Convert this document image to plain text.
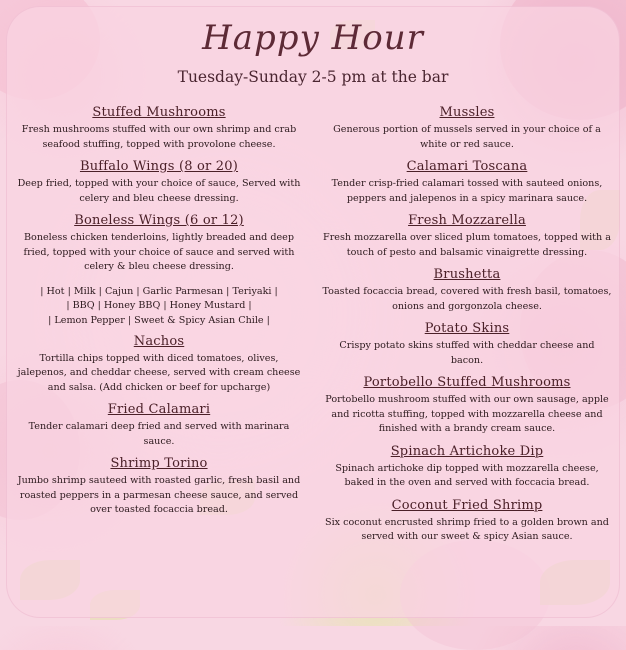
Happy Hour
Tuesday-Sunday 2-5 pm at the bar
Stuffed Mushrooms
Fresh mushrooms stuffed with our own shrimp and crab seafood stuffing, topped with provolone cheese.
Buffalo Wings (8 or 20)
Deep fried, topped with your choice of sauce, Served with celery and bleu cheese dressing.
Boneless Wings (6 or 12)
Boneless chicken tenderloins, lightly breaded and deep fried, topped with your choice of sauce and served with celery & bleu cheese dressing.
| Hot | Milk | Cajun | Garlic Parmesan | Teriyaki |
| BBQ | Honey BBQ | Honey Mustard |
| Lemon Pepper | Sweet & Spicy Asian Chile |
Nachos
Tortilla chips topped with diced tomatoes, olives, jalepenos, and cheddar cheese, served with cream cheese and salsa. (Add chicken or beef for upcharge)
Fried Calamari
Tender calamari deep fried and served with marinara sauce.
Shrimp Torino
Jumbo shrimp sauteed with roasted garlic, fresh basil and roasted peppers in a parmesan cheese sauce, and served over toasted focaccia bread.
Mussles
Generous portion of mussels served in your choice of a white or red sauce.
Calamari Toscana
Tender crisp-fried calamari tossed with sauteed onions, peppers and jalepenos in a spicy marinara sauce.
Fresh Mozzarella
Fresh mozzarella over sliced plum tomatoes, topped with a touch of pesto and balsamic vinaigrette dressing.
Brushetta
Toasted focaccia bread, covered with fresh basil, tomatoes, onions and gorgonzola cheese.
Potato Skins
Crispy potato skins stuffed with cheddar cheese and bacon.
Portobello Stuffed Mushrooms
Portobello mushroom stuffed with our own sausage, apple and ricotta stuffing, topped with mozzarella cheese and finished with a brandy cream sauce.
Spinach Artichoke Dip
Spinach artichoke dip topped with mozzarella cheese, baked in the oven and served with foccacia bread.
Coconut Fried Shrimp
Six coconut encrusted shrimp fried to a golden brown and served with our sweet & spicy Asian sauce.
